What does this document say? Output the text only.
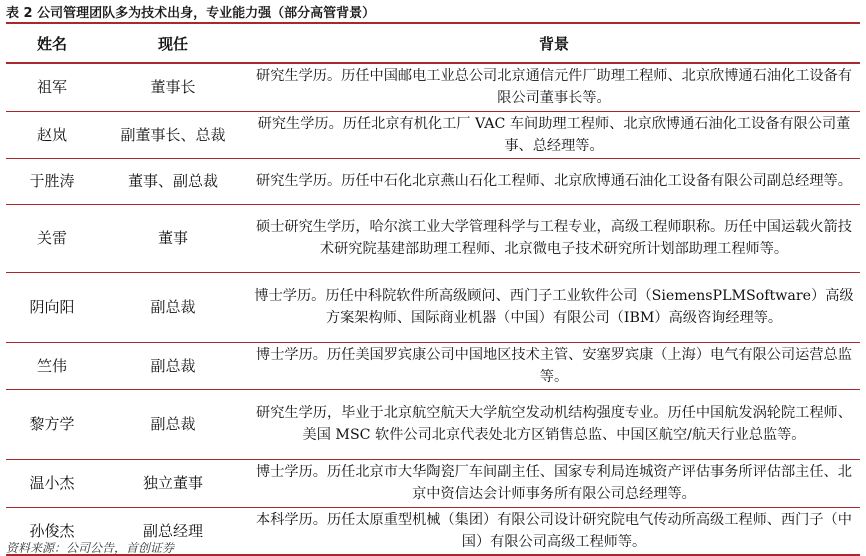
表 2 公司管理团队多为技术出身，专业能力强（部分高管背景）
姓名	现任	背景
祖军	董事长	研究生学历。历任中国邮电工业总公司北京通信元件厂助理工程师、北京欣博通石油化工设备有限公司董事长等。
赵岚	副董事长、总裁	研究生学历。历任北京有机化工厂 VAC 车间助理工程师、北京欣博通石油化工设备有限公司董事、总经理等。
于胜涛	董事、副总裁	研究生学历。历任中石化北京燕山石化工程师、北京欣博通石油化工设备有限公司副总经理等。
关雷	董事	硕士研究生学历，哈尔滨工业大学管理科学与工程专业，高级工程师职称。历任中国运载火箭技术研究院基建部助理工程师、北京微电子技术研究所计划部助理工程师等。
阴向阳	副总裁	博士学历。历任中科院软件所高级顾问、西门子工业软件公司（SiemensPLMSoftware）高级方案架构师、国际商业机器（中国）有限公司（IBM）高级咨询经理等。
竺伟	副总裁	博士学历。历任美国罗宾康公司中国地区技术主管、安塞罗宾康（上海）电气有限公司运营总监等。
黎方学	副总裁	研究生学历，毕业于北京航空航天大学航空发动机结构强度专业。历任中国航发涡轮院工程师、美国 MSC 软件公司北京代表处北方区销售总监、中国区航空/航天行业总监等。
温小杰	独立董事	博士学历。历任北京市大华陶瓷厂车间副主任、国家专利局连城资产评估事务所评估部主任、北京中资信达会计师事务所有限公司总经理等。
孙俊杰	副总经理	本科学历。历任太原重型机械（集团）有限公司设计研究院电气传动所高级工程师、西门子（中国）有限公司高级工程师等。
资料来源：公司公告，首创证券
